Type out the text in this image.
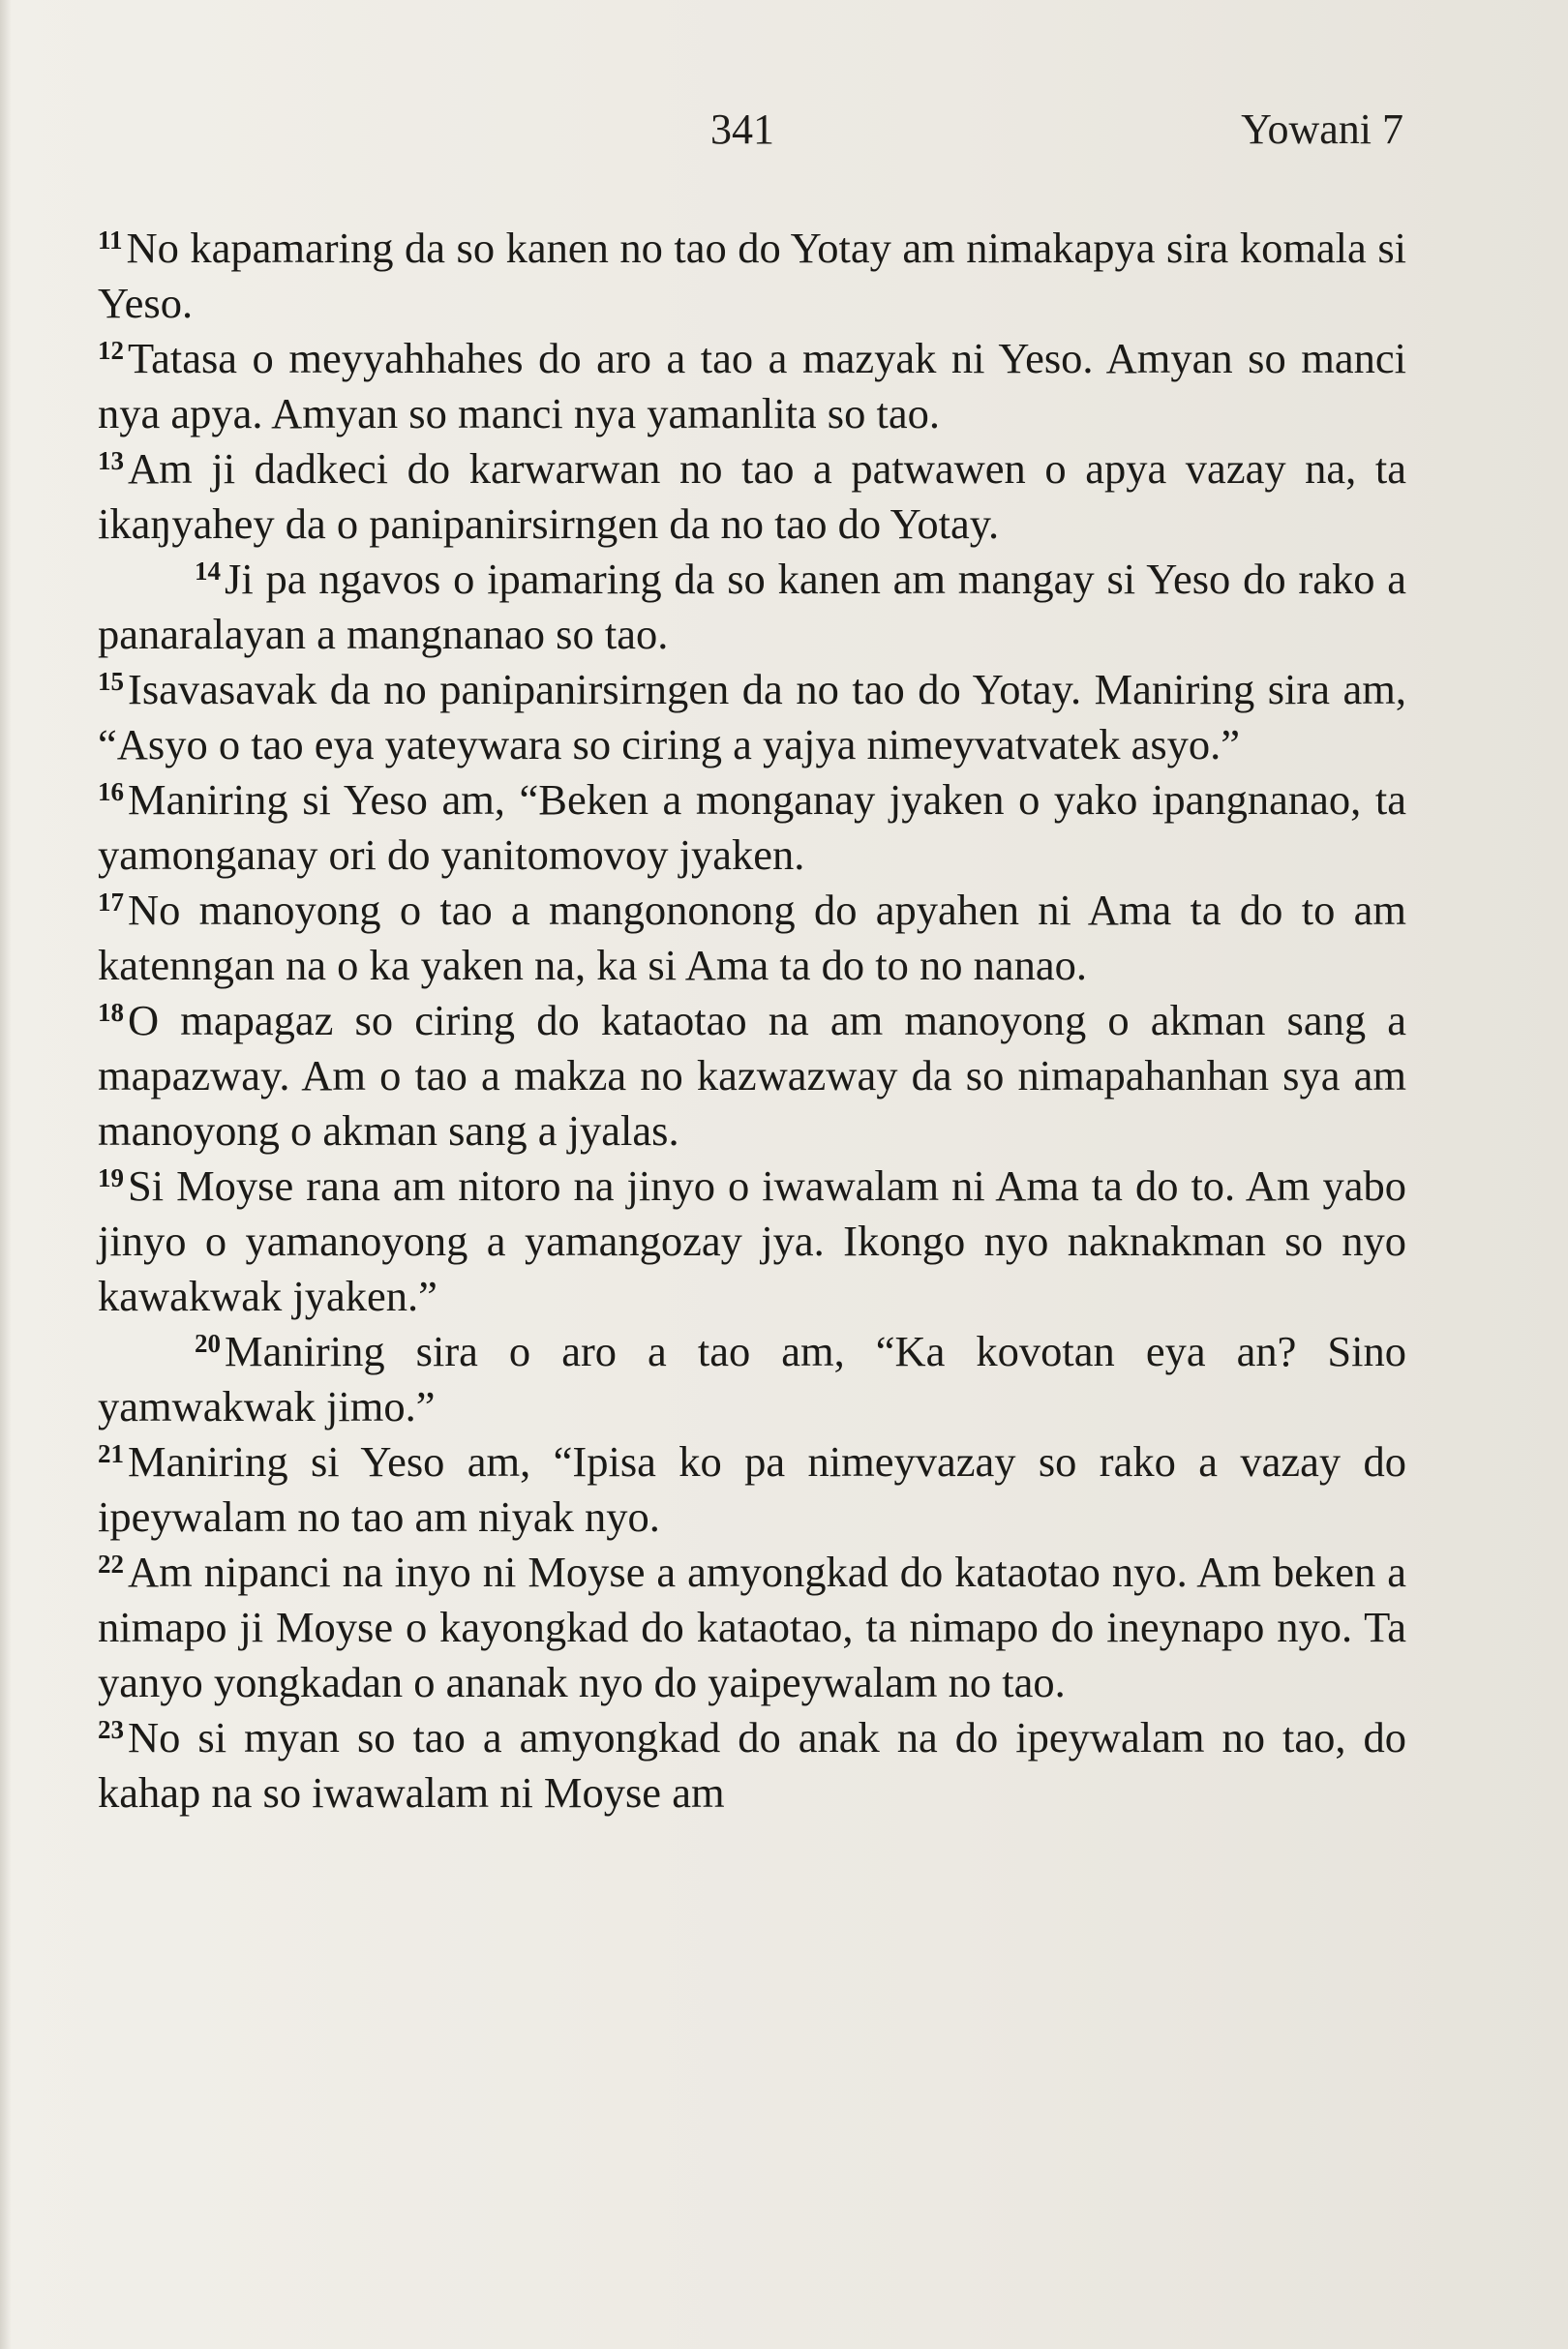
341	Yowani 7

$^{11}$No kapamaring da so kanen no tao do Yotay am nimakapya sira komala si Yeso.

$^{12}$Tatasa o meyyahhahes do aro a tao a mazyak ni Yeso. Amyan so manci nya apya. Amyan so manci nya yamanlita so tao.

$^{13}$Am ji dadkeci do karwarwan no tao a patwawen o apya vazay na, ta ikaŋyahey da o panipanirsirngen da no tao do Yotay.

$^{14}$Ji pa ngavos o ipamaring da so kanen am mangay si Yeso do rako a panaralayan a mangnanao so tao.

$^{15}$Isavasavak da no panipanirsirngen da no tao do Yotay. Maniring sira am, “Asyo o tao eya yateywara so ciring a yajya nimeyvatvatek asyo.”

$^{16}$Maniring si Yeso am, “Beken a monganay jyaken o yako ipangnanao, ta yamonganay ori do yanitomovoy jyaken.

$^{17}$No manoyong o tao a mangononong do apyahen ni Ama ta do to am katenngan na o ka yaken na, ka si Ama ta do to no nanao.

$^{18}$O mapagaz so ciring do kataotao na am manoyong o akman sang a mapazway. Am o tao a makza no kazwazway da so nimapahanhan sya am manoyong o akman sang a jyalas.

$^{19}$Si Moyse rana am nitoro na jinyo o iwawalam ni Ama ta do to. Am yabo jinyo o yamanoyong a yamangozay jya. Ikongo nyo naknakman so nyo kawakwak jyaken.”

$^{20}$Maniring sira o aro a tao am, “Ka kovotan eya an? Sino yamwakwak jimo.”

$^{21}$Maniring si Yeso am, “Ipisa ko pa nimeyvazay so rako a vazay do ipeywalam no tao am niyak nyo.

$^{22}$Am nipanci na inyo ni Moyse a amyongkad do kataotao nyo. Am beken a nimapo ji Moyse o kayongkad do kataotao, ta nimapo do ineynapo nyo. Ta yanyo yongkadan o ananak nyo do yaipeywalam no tao.

$^{23}$No si myan so tao a amyongkad do anak na do ipeywalam no tao, do kahap na so iwawalam ni Moyse am
